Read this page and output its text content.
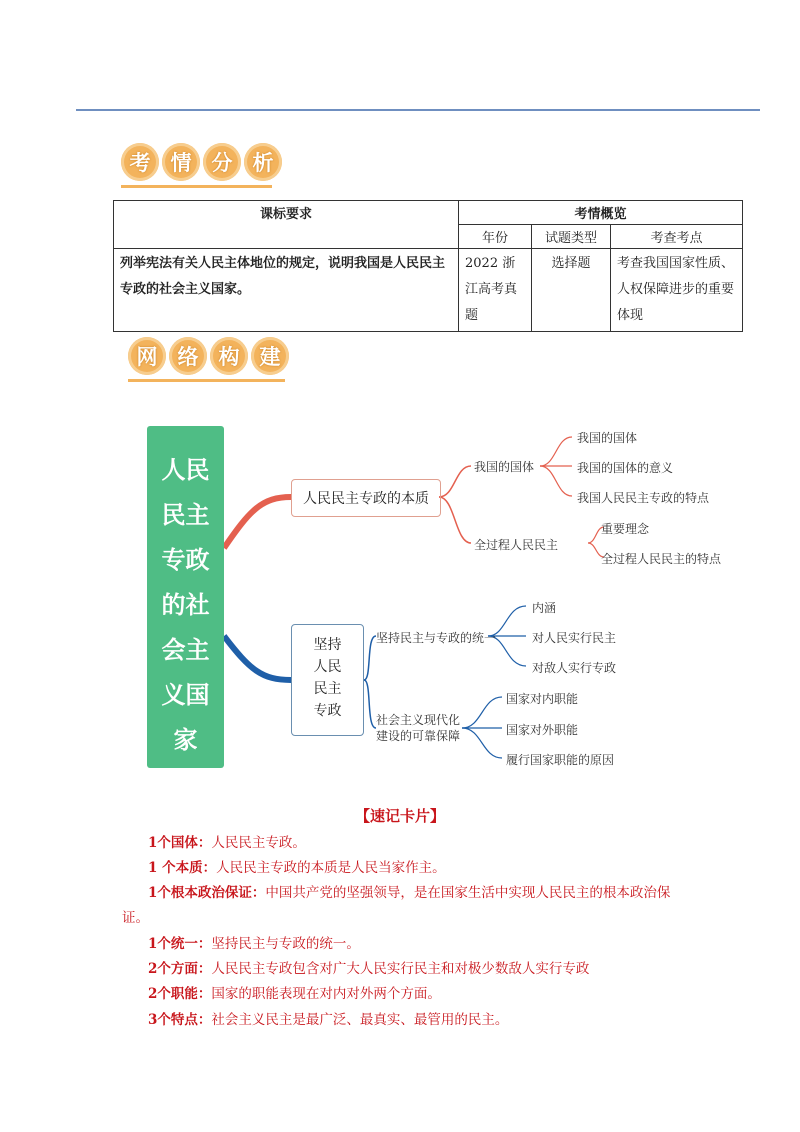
考 情 分 析
课标要求	考情概览		
	年份	试题类型	考查考点
列举宪法有关人民主体地位的规定，说明我国是人民民主专政的社会主义国家。	2022 浙江高考真题	选择题	考查我国国家性质、人权保障进步的重要体现
网 络 构 建
人民
民主
专政
的社
会主
义国
家
人民民主专政的本质
坚持
人民
民主
专政
我国的国体
我国的国体
我国的国体的意义
我国人民民主专政的特点
全过程人民民主
重要理念
全过程人民民主的特点
坚持民主与专政的统一
内涵
对人民实行民主
对敌人实行专政
社会主义现代化
建设的可靠保障
国家对内职能
国家对外职能
履行国家职能的原因
【速记卡片】
1个国体：人民民主专政。
1 个本质：人民民主专政的本质是人民当家作主。
1个根本政治保证：中国共产党的坚强领导，是在国家生活中实现人民民主的根本政治保证。
1个统一：坚持民主与专政的统一。
2个方面：人民民主专政包含对广大人民实行民主和对极少数敌人实行专政
2个职能：国家的职能表现在对内对外两个方面。
3个特点：社会主义民主是最广泛、最真实、最管用的民主。
